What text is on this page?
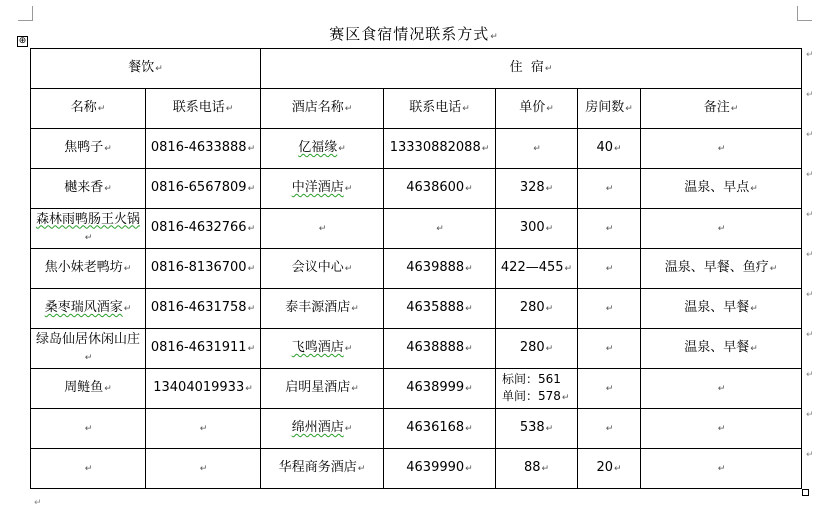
⊕	赛区食宿情况联系方式↵
餐饮↵		住  宿↵				
名称↵	联系电话↵	酒店名称↵	联系电话↵	单价↵	房间数↵	备注↵
焦鸭子↵	0816-4633888↵	亿福缘↵	13330882088↵	↵	40↵	↵
樾来香↵	0816-6567809↵	中洋酒店↵	4638600↵	328↵	↵	温泉、早点↵
森林雨鸭肠王火锅↵	0816-4632766↵	↵	↵	300↵	↵	↵
焦小妹老鸭坊↵	0816-8136700↵	会议中心↵	4639888↵	422—455↵	↵	温泉、早餐、鱼疗↵
桑枣瑞风酒家↵	0816-4631758↵	泰丰源酒店↵	4635888↵	280↵	↵	温泉、早餐↵
绿岛仙居休闲山庄↵	0816-4631911↵	飞鸣酒店↵	4638888↵	280↵	↵	温泉、早餐↵
周鲢鱼↵	13404019933↵	启明星酒店↵	4638999↵	标间：561
单间：578↵	↵	↵
↵	↵	绵州酒店↵	4636168↵	538↵	↵	↵
↵	↵	华程商务酒店↵	4639990↵	88↵	20↵	↵
↵
↵
↵
↵
↵
↵
↵
↵
↵
↵
↵
↵
